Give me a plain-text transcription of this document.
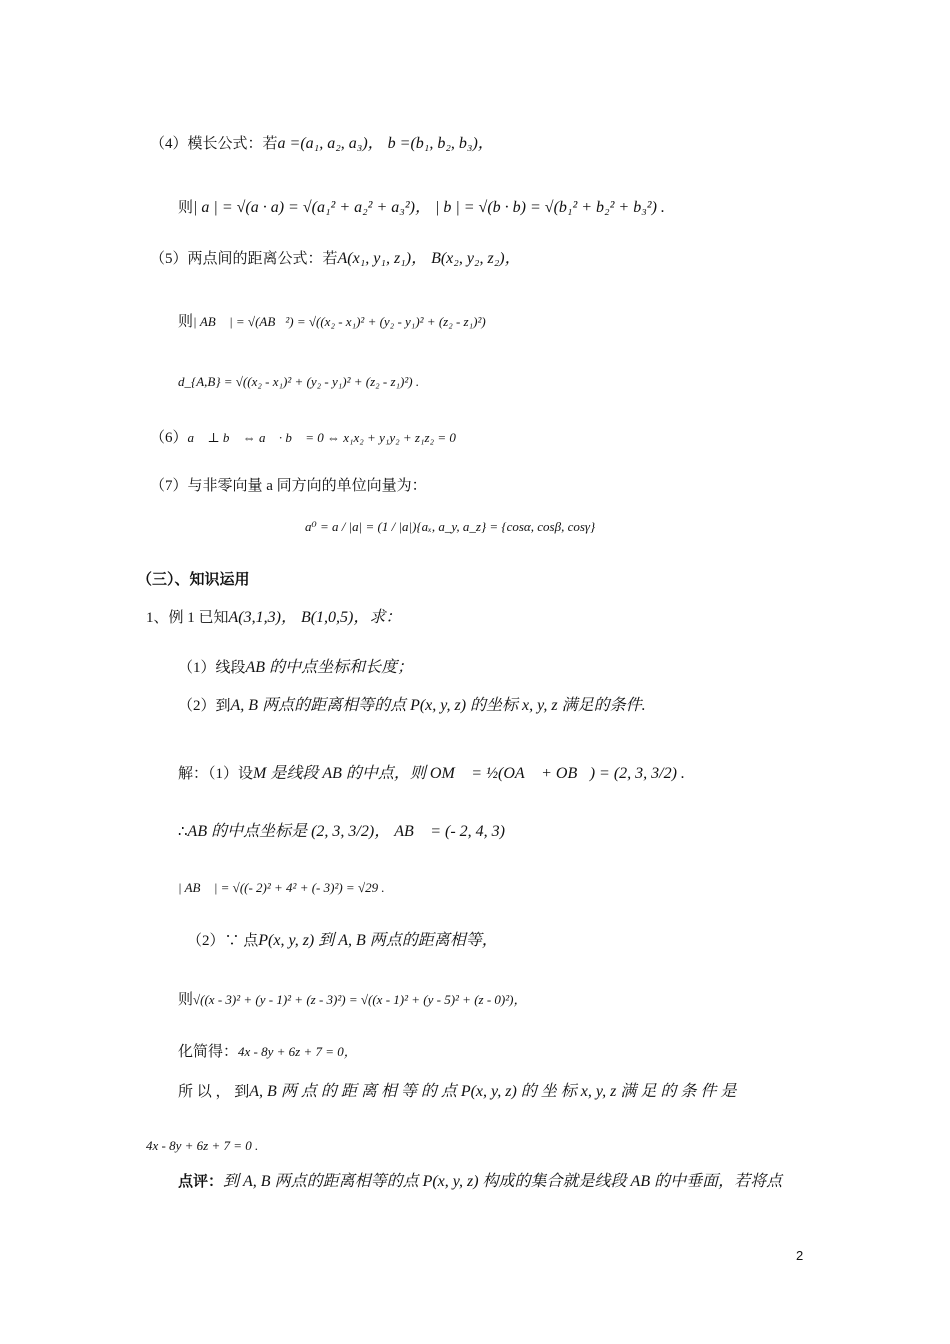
（4）模长公式：若a =(a₁, a₂, a₃)， b =(b₁, b₂, b₃)，
则| a | = √(a · a) = √(a₁² + a₂² + a₃²)， | b | = √(b · b) = √(b₁² + b₂² + b₃²) .
（5）两点间的距离公式：若A(x₁, y₁, z₁)， B(x₂, y₂, z₂)，
则| AB⃗ | = √(AB⃗²) = √((x₂ - x₁)² + (y₂ - y₁)² + (z₂ - z₁)²)，
d_{A,B} = √((x₂ - x₁)² + (y₂ - y₁)² + (z₂ - z₁)²) .
（6）a⃗ ⊥ b⃗ ⇔ a⃗ · b⃗ = 0 ⇔ x₁x₂ + y₁y₂ + z₁z₂ = 0
（7）与非零向量 a 同方向的单位向量为：
a⁰ = a / |a| = (1 / |a|){aₓ, a_y, a_z} = {cosα, cosβ, cosγ}
（三）、知识运用
1、例 1 已知A(3,1,3)， B(1,0,5)，求：
（1）线段AB 的中点坐标和长度；
（2）到A, B 两点的距离相等的点 P(x, y, z) 的坐标 x, y, z 满足的条件.
解：（1）设M 是线段 AB 的中点，则 OM⃗ = ½(OA⃗ + OB⃗) = (2, 3, 3/2) .
∴AB 的中点坐标是 (2, 3, 3/2)， AB⃗ = (- 2, 4, 3)
| AB⃗ | = √((- 2)² + 4² + (- 3)²) = √29 .
（2）∵ 点P(x, y, z) 到 A, B 两点的距离相等，
则√((x - 3)² + (y - 1)² + (z - 3)²) = √((x - 1)² + (y - 5)² + (z - 0)²)，
化简得：4x - 8y + 6z + 7 = 0，
所 以 ， 到A, B 两 点 的 距 离 相 等 的 点 P(x, y, z) 的 坐 标 x, y, z 满 足 的 条 件 是
4x - 8y + 6z + 7 = 0 .
点评：到 A, B 两点的距离相等的点 P(x, y, z) 构成的集合就是线段 AB 的中垂面，若将点
2
